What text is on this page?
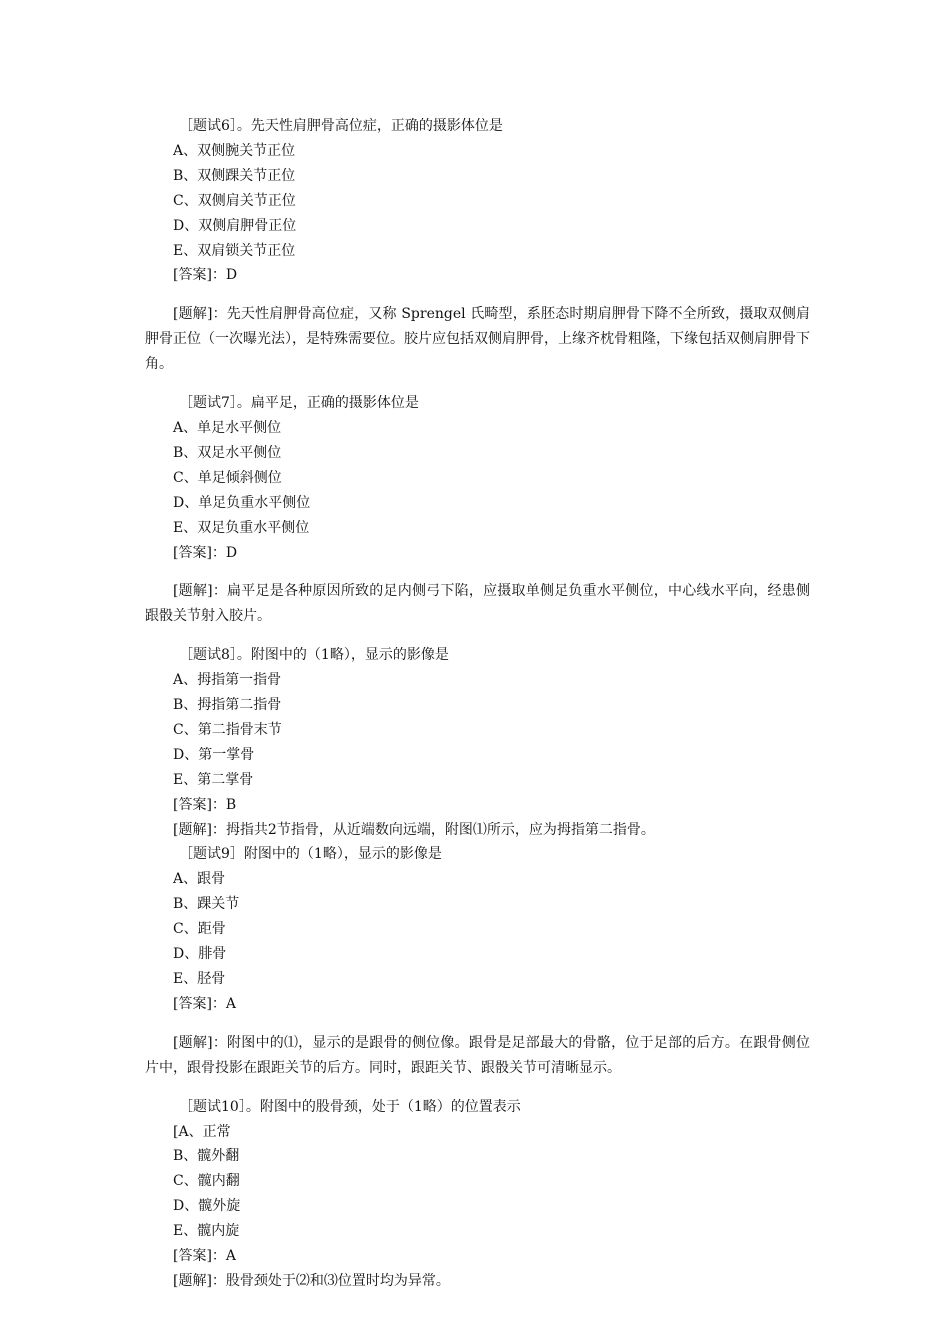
［题试6］。先天性肩胛骨高位症，正确的摄影体位是

A、双侧腕关节正位

B、双侧踝关节正位

C、双侧肩关节正位

D、双侧肩胛骨正位

E、双肩锁关节正位

[答案]：D

[题解]：先天性肩胛骨高位症，又称 Sprengel 氏畸型，系胚态时期肩胛骨下降不全所致，摄取双侧肩胛骨正位（一次曝光法），是特殊需要位。胶片应包括双侧肩胛骨，上缘齐枕骨粗隆，下缘包括双侧肩胛骨下角。

［题试7］。扁平足，正确的摄影体位是

A、单足水平侧位

B、双足水平侧位

C、单足倾斜侧位

D、单足负重水平侧位

E、双足负重水平侧位

[答案]：D

[题解]：扁平足是各种原因所致的足内侧弓下陷，应摄取单侧足负重水平侧位，中心线水平向，经患侧跟骰关节射入胶片。

［题试8］。附图中的（1略），显示的影像是

A、拇指第一指骨

B、拇指第二指骨

C、第二指骨末节

D、第一掌骨

E、第二掌骨

[答案]：B

[题解]：拇指共2节指骨，从近端数向远端，附图⑴所示，应为拇指第二指骨。

［题试9］附图中的（1略），显示的影像是

A、跟骨

B、踝关节

C、距骨

D、腓骨

E、胫骨

[答案]：A

[题解]：附图中的⑴，显示的是跟骨的侧位像。跟骨是足部最大的骨骼，位于足部的后方。在跟骨侧位片中，跟骨投影在跟距关节的后方。同时，跟距关节、跟骰关节可清晰显示。

［题试10］。附图中的股骨颈，处于（1略）的位置表示

[A、正常

B、髋外翻

C、髋内翻

D、髋外旋

E、髋内旋

[答案]：A

[题解]：股骨颈处于⑵和⑶位置时均为异常。
